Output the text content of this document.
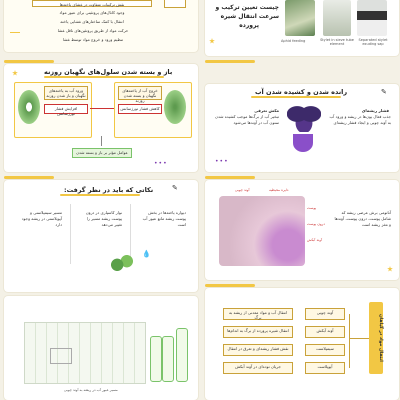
نقش ترکیبات متفاوت در غشای یاخته‌ها
وجود کانال‌های پروتئینی برای عبور مواد
انتقال با کمک ساختارهای غشایی یاخته
حرکت مواد از طریق پروتئین‌های ناقل غشا
تنظیم ورود و خروج مواد توسط غشا
چیست تعیین ترکیب و
سرعت انتقال شیره
پرورده
Aphid feeding	Stylet in sieve tube element
Separated stylet exuding sap
باز و بسته شدن سلول‌های نگهبان روزنه
ورود آب به یاخته‌های نگهبان و باز شدن روزنه
خروج آب از یاخته‌های نگهبان و بسته شدن روزنه
افزایش فشار تورژسانس
کاهش فشار تورژسانس
عوامل مؤثر بر باز و بسته شدن
•••
رانده شدن و کشیده شدن آب	✎
مکش تعرقی
تبخیر آب از برگ‌ها موجب کشیده شدن ستون آب در آوندها می‌شود
فشار ریشه‌ای
جذب فعال یون‌ها در ریشه و ورود آب به آوند چوبی و ایجاد فشار ریشه‌ای
•••
نکاتی که باید در نظر گرفت:	✎
مسیر سیمپلاستی و آپوپلاستی در ریشه وجود دارد
نوار کاسپاری در درون پوست ریشه مسیر را تغییر می‌دهد
دیواره یاخته‌ها در بخش پوست ریشه مانع عبور آب است
💧
آوند چوبی	دایره محیطیه
پوست
درون پوست
آوند آبکش
آناتومی برش عرضی ریشه که شامل پوست، درون پوست، آوندها و مغز ریشه است
مسیر عبور آب در ریشه به آوند چوبی
انتقال مواد در گیاهان
انتقال آب و مواد معدنی از ریشه به برگ
انتقال شیره پرورده از برگ به اندام‌ها
نقش فشار ریشه‌ای و تعرق در انتقال
جریان توده‌ای در آوند آبکش
آوند چوبی
آوند آبکش
سیمپلاست
آپوپلاست
